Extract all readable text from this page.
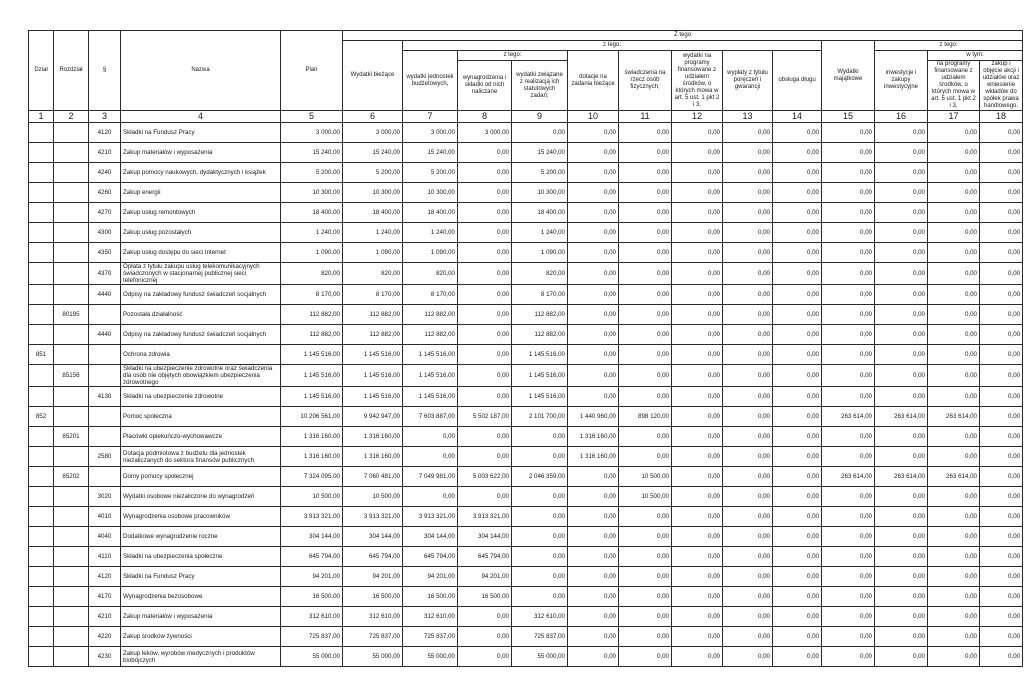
Dział	Rozdział	§	Nazwa	Plan	Z tego												
					Wydatki bieżące	z tego:								Wydatki majątkowe	z tego:		
						wydatki jednostek budżetowych,	z tego:		dotacje na zadania bieżące	świadczenia na rzecz osób fizycznych;	wydatki na programy finansowane z udziałem środków, o których mowa w art. 5 ust. 1 pkt 2 i 3,	wypłaty z tytułu poręczeń i gwarancji	obsługa długu		inwestycje i zakupy inwestycyjne	w tym:	
							wynagrodzenia i składki od nich naliczane	wydatki związane z realizacją ich statutowych zadań;								na programy finansowane z udziałem środków, o których mowa w art. 5 ust. 1 pkt 2 i 3,	zakup i objęcie akcji i udziałów oraz wniesienie wkładów do spółek prawa handlowego.
1	2	3	4	5	6	7	8	9	10	11	12	13	14	15	16	17	18
		4120	Składki na Fundusz Pracy	3 000,00	3 000,00	3 000,00	3 000,00	0,00	0,00	0,00	0,00	0,00	0,00	0,00	0,00	0,00	0,00
		4210	Zakup materiałów i wyposażenia	15 240,00	15 240,00	15 240,00	0,00	15 240,00	0,00	0,00	0,00	0,00	0,00	0,00	0,00	0,00	0,00
		4240	Zakup pomocy naukowych, dydaktycznych i książek	5 200,00	5 200,00	5 200,00	0,00	5 200,00	0,00	0,00	0,00	0,00	0,00	0,00	0,00	0,00	0,00
		4260	Zakup energii	10 300,00	10 300,00	10 300,00	0,00	10 300,00	0,00	0,00	0,00	0,00	0,00	0,00	0,00	0,00	0,00
		4270	Zakup usług remontowych	18 400,00	18 400,00	18 400,00	0,00	18 400,00	0,00	0,00	0,00	0,00	0,00	0,00	0,00	0,00	0,00
		4300	Zakup usług pozostałych	1 240,00	1 240,00	1 240,00	0,00	1 240,00	0,00	0,00	0,00	0,00	0,00	0,00	0,00	0,00	0,00
		4350	Zakup usług dostępu do sieci Internet	1 090,00	1 090,00	1 090,00	0,00	1 090,00	0,00	0,00	0,00	0,00	0,00	0,00	0,00	0,00	0,00
		4370	Opłata z tytułu zakupu usług telekomunikacyjnych świadczonych w stacjonarnej publicznej sieci telefonicznej	820,00	820,00	820,00	0,00	820,00	0,00	0,00	0,00	0,00	0,00	0,00	0,00	0,00	0,00
		4440	Odpisy na zakładowy fundusz świadczeń socjalnych	8 170,00	8 170,00	8 170,00	0,00	8 170,00	0,00	0,00	0,00	0,00	0,00	0,00	0,00	0,00	0,00
	80195		Pozostała działalność	112 882,00	112 882,00	112 882,00	0,00	112 882,00	0,00	0,00	0,00	0,00	0,00	0,00	0,00	0,00	0,00
		4440	Odpisy na zakładowy fundusz świadczeń socjalnych	112 882,00	112 882,00	112 882,00	0,00	112 882,00	0,00	0,00	0,00	0,00	0,00	0,00	0,00	0,00	0,00
851			Ochrona zdrowia	1 145 516,00	1 145 516,00	1 145 516,00	0,00	1 145 516,00	0,00	0,00	0,00	0,00	0,00	0,00	0,00	0,00	0,00
	85156		Składki na ubezpieczenie zdrowotne oraz świadczenia dla osób nie objętych obowiązkiem ubezpieczenia zdrowotnego	1 145 516,00	1 145 516,00	1 145 516,00	0,00	1 145 516,00	0,00	0,00	0,00	0,00	0,00	0,00	0,00	0,00	0,00
		4130	Składki na ubezpieczenie zdrowotne	1 145 516,00	1 145 516,00	1 145 516,00	0,00	1 145 516,00	0,00	0,00	0,00	0,00	0,00	0,00	0,00	0,00	0,00
852			Pomoc społeczna	10 206 561,00	9 942 947,00	7 603 887,00	5 502 187,00	2 101 700,00	1 440 960,00	898 120,00	0,00	0,00	0,00	263 614,00	263 614,00	263 614,00	0,00
	85201		Placówki opiekuńczo-wychowawcze	1 316 160,00	1 316 160,00	0,00	0,00	0,00	1 316 160,00	0,00	0,00	0,00	0,00	0,00	0,00	0,00	0,00
		2580	Dotacja podmiotowa z budżetu dla jednostek niezaliczanych do sektora finansów publicznych	1 316 160,00	1 316 160,00	0,00	0,00	0,00	1 316 160,00	0,00	0,00	0,00	0,00	0,00	0,00	0,00	0,00
	85202		Domy pomocy społecznej	7 324 095,00	7 060 481,00	7 049 981,00	5 003 622,00	2 046 359,00	0,00	10 500,00	0,00	0,00	0,00	263 614,00	263 614,00	263 614,00	0,00
		3020	Wydatki osobowe niezaliczone do wynagrodzeń	10 500,00	10 500,00	0,00	0,00	0,00	0,00	10 500,00	0,00	0,00	0,00	0,00	0,00	0,00	0,00
		4010	Wynagrodzenia osobowe pracowników	3 913 321,00	3 913 321,00	3 913 321,00	3 913 321,00	0,00	0,00	0,00	0,00	0,00	0,00	0,00	0,00	0,00	0,00
		4040	Dodatkowe wynagrodzenie roczne	304 144,00	304 144,00	304 144,00	304 144,00	0,00	0,00	0,00	0,00	0,00	0,00	0,00	0,00	0,00	0,00
		4110	Składki na ubezpieczenia społeczne	645 794,00	645 794,00	645 794,00	645 794,00	0,00	0,00	0,00	0,00	0,00	0,00	0,00	0,00	0,00	0,00
		4120	Składki na Fundusz Pracy	94 201,00	94 201,00	94 201,00	94 201,00	0,00	0,00	0,00	0,00	0,00	0,00	0,00	0,00	0,00	0,00
		4170	Wynagrodzenia bezosobowe	16 500,00	16 500,00	16 500,00	16 500,00	0,00	0,00	0,00	0,00	0,00	0,00	0,00	0,00	0,00	0,00
		4210	Zakup materiałów i wyposażenia	312 610,00	312 610,00	312 610,00	0,00	312 610,00	0,00	0,00	0,00	0,00	0,00	0,00	0,00	0,00	0,00
		4220	Zakup środków żywności	725 837,00	725 837,00	725 837,00	0,00	725 837,00	0,00	0,00	0,00	0,00	0,00	0,00	0,00	0,00	0,00
		4230	Zakup leków, wyrobów medycznych i produktów biobójczych	55 000,00	55 000,00	55 000,00	0,00	55 000,00	0,00	0,00	0,00	0,00	0,00	0,00	0,00	0,00	0,00
